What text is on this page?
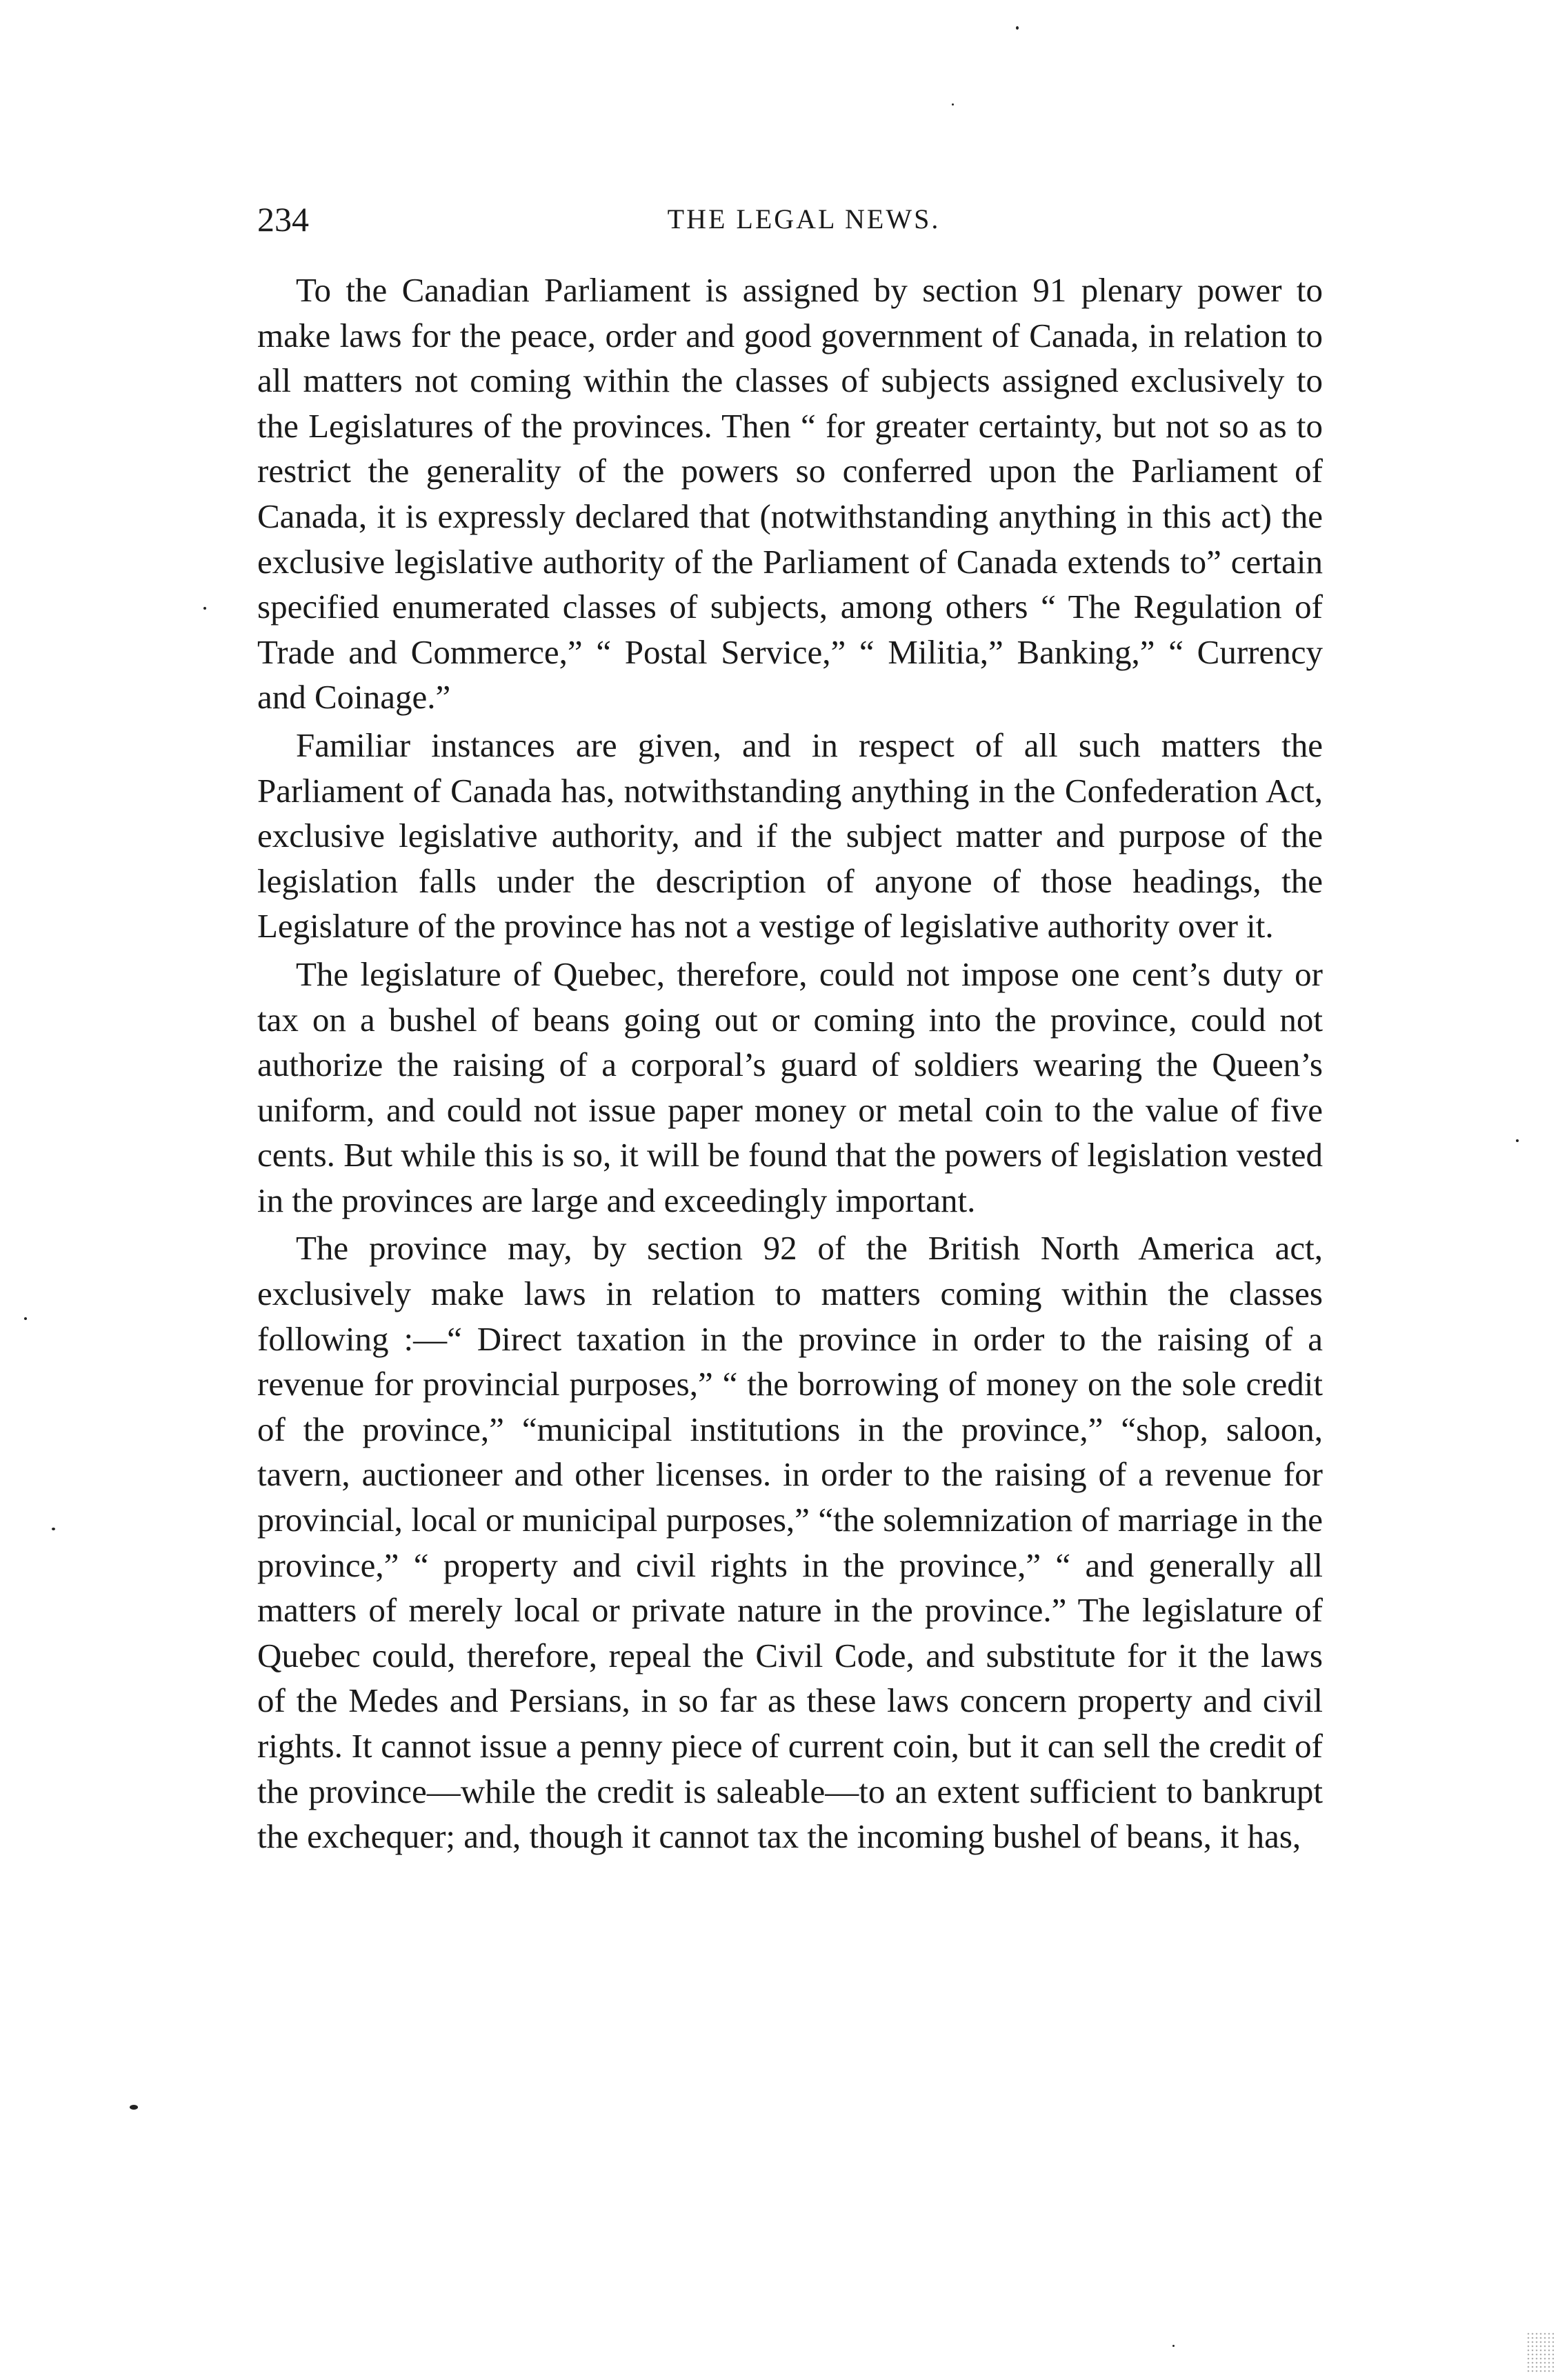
234	THE LEGAL NEWS.

To the Canadian Parliament is assigned by section 91 plenary power to make laws for the peace, order and good government of Canada, in relation to all matters not coming within the classes of subjects assigned exclusively to the Legislatures of the provinces. Then “ for greater certainty, but not so as to restrict the generality of the powers so conferred upon the Parliament of Canada, it is expressly declared that (notwithstanding anything in this act) the exclusive legislative authority of the Parliament of Canada extends to” certain specified enumerated classes of subjects, among others “ The Regulation of Trade and Commerce,” “ Postal Service,” “ Militia,” Banking,” “ Currency and Coinage.”

Familiar instances are given, and in respect of all such matters the Parliament of Canada has, notwithstanding anything in the Confederation Act, exclusive legislative authority, and if the subject matter and purpose of the legislation falls under the description of anyone of those headings, the Legislature of the province has not a vestige of legislative authority over it.

The legislature of Quebec, therefore, could not impose one cent’s duty or tax on a bushel of beans going out or coming into the province, could not authorize the raising of a corporal’s guard of soldiers wearing the Queen’s uniform, and could not issue paper money or metal coin to the value of five cents. But while this is so, it will be found that the powers of legislation vested in the provinces are large and exceedingly important.

The province may, by section 92 of the British North America act, exclusively make laws in relation to matters coming within the classes following :—“ Direct taxation in the province in order to the raising of a revenue for provincial purposes,” “ the borrowing of money on the sole credit of the province,” “municipal institutions in the province,” “shop, saloon, tavern, auctioneer and other licenses. in order to the raising of a revenue for provincial, local or municipal purposes,” “the solemnization of marriage in the province,” “ property and civil rights in the province,” “ and generally all matters of merely local or private nature in the province.” The legislature of Quebec could, therefore, repeal the Civil Code, and substitute for it the laws of the Medes and Persians, in so far as these laws concern property and civil rights. It cannot issue a penny piece of current coin, but it can sell the credit of the province—while the credit is saleable—to an extent sufficient to bankrupt the exchequer; and, though it cannot tax the incoming bushel of beans, it has,
